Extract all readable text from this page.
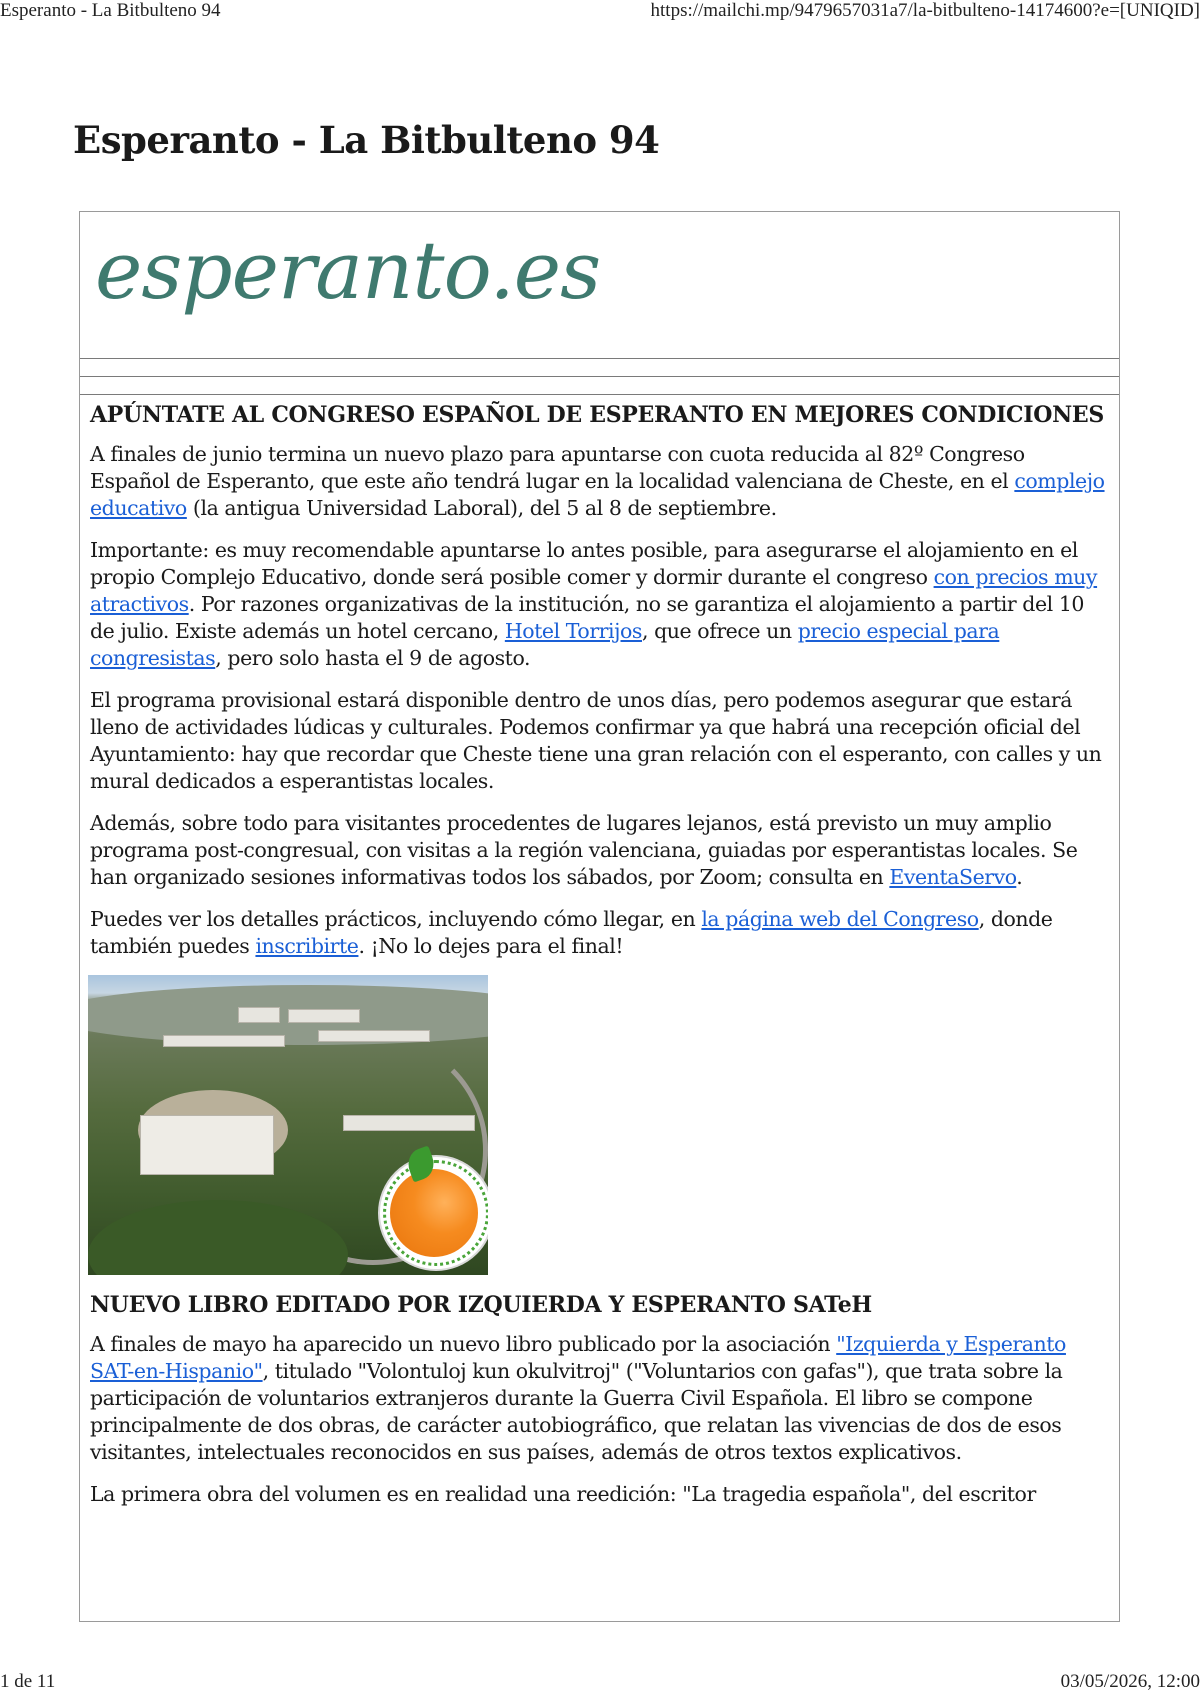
Esperanto - La Bitbulteno 94	https://mailchi.mp/9479657031a7/la-bitbulteno-14174600?e=[UNIQID]
Esperanto - La Bitbulteno 94
esperanto.es
APÚNTATE AL CONGRESO ESPAÑOL DE ESPERANTO EN MEJORES CONDICIONES

A finales de junio termina un nuevo plazo para apuntarse con cuota reducida al 82º Congreso Español de Esperanto, que este año tendrá lugar en la localidad valenciana de Cheste, en el complejo educativo (la antigua Universidad Laboral), del 5 al 8 de septiembre.

Importante: es muy recomendable apuntarse lo antes posible, para asegurarse el alojamiento en el propio Complejo Educativo, donde será posible comer y dormir durante el congreso con precios muy atractivos. Por razones organizativas de la institución, no se garantiza el alojamiento a partir del 10 de julio. Existe además un hotel cercano, Hotel Torrijos, que ofrece un precio especial para congresistas, pero solo hasta el 9 de agosto.

El programa provisional estará disponible dentro de unos días, pero podemos asegurar que estará lleno de actividades lúdicas y culturales. Podemos confirmar ya que habrá una recepción oficial del Ayuntamiento: hay que recordar que Cheste tiene una gran relación con el esperanto, con calles y un mural dedicados a esperantistas locales.

Además, sobre todo para visitantes procedentes de lugares lejanos, está previsto un muy amplio programa post-congresual, con visitas a la región valenciana, guiadas por esperantistas locales. Se han organizado sesiones informativas todos los sábados, por Zoom; consulta en EventaServo.

Puedes ver los detalles prácticos, incluyendo cómo llegar, en la página web del Congreso, donde también puedes inscribirte. ¡No lo dejes para el final!

NUEVO LIBRO EDITADO POR IZQUIERDA Y ESPERANTO SATeH

A finales de mayo ha aparecido un nuevo libro publicado por la asociación "Izquierda y Esperanto SAT-en-Hispanio", titulado "Volontuloj kun okulvitroj" ("Voluntarios con gafas"), que trata sobre la participación de voluntarios extranjeros durante la Guerra Civil Española. El libro se compone principalmente de dos obras, de carácter autobiográfico, que relatan las vivencias de dos de esos visitantes, intelectuales reconocidos en sus países, además de otros textos explicativos.

La primera obra del volumen es en realidad una reedición: "La tragedia española", del escritor

1 de 11	03/05/2026, 12:00
